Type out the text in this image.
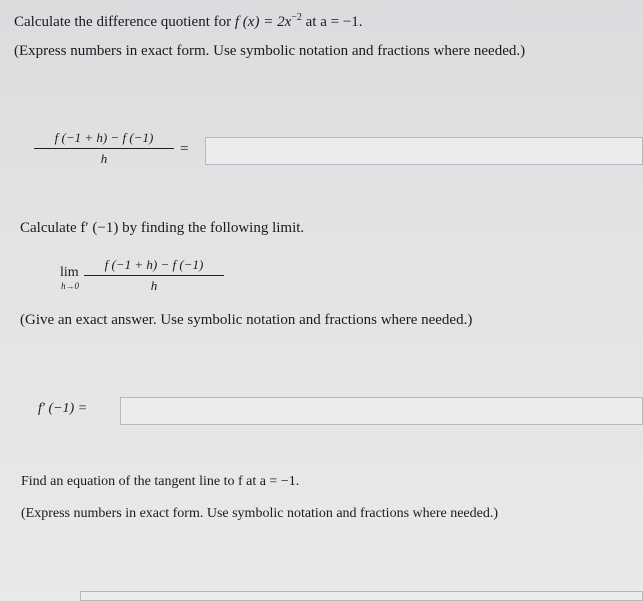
Calculate the difference quotient for f $(x) = 2x^{-2}$ at a = −1.
(Express numbers in exact form. Use symbolic notation and fractions where needed.)
f (−1 + h) − f (−1)
h
=
Calculate f′ (−1) by finding the following limit.
lim
h→0
f (−1 + h) − f (−1)
h
(Give an exact answer. Use symbolic notation and fractions where needed.)
f′ (−1) =
Find an equation of the tangent line to f at a = −1.
(Express numbers in exact form. Use symbolic notation and fractions where needed.)
